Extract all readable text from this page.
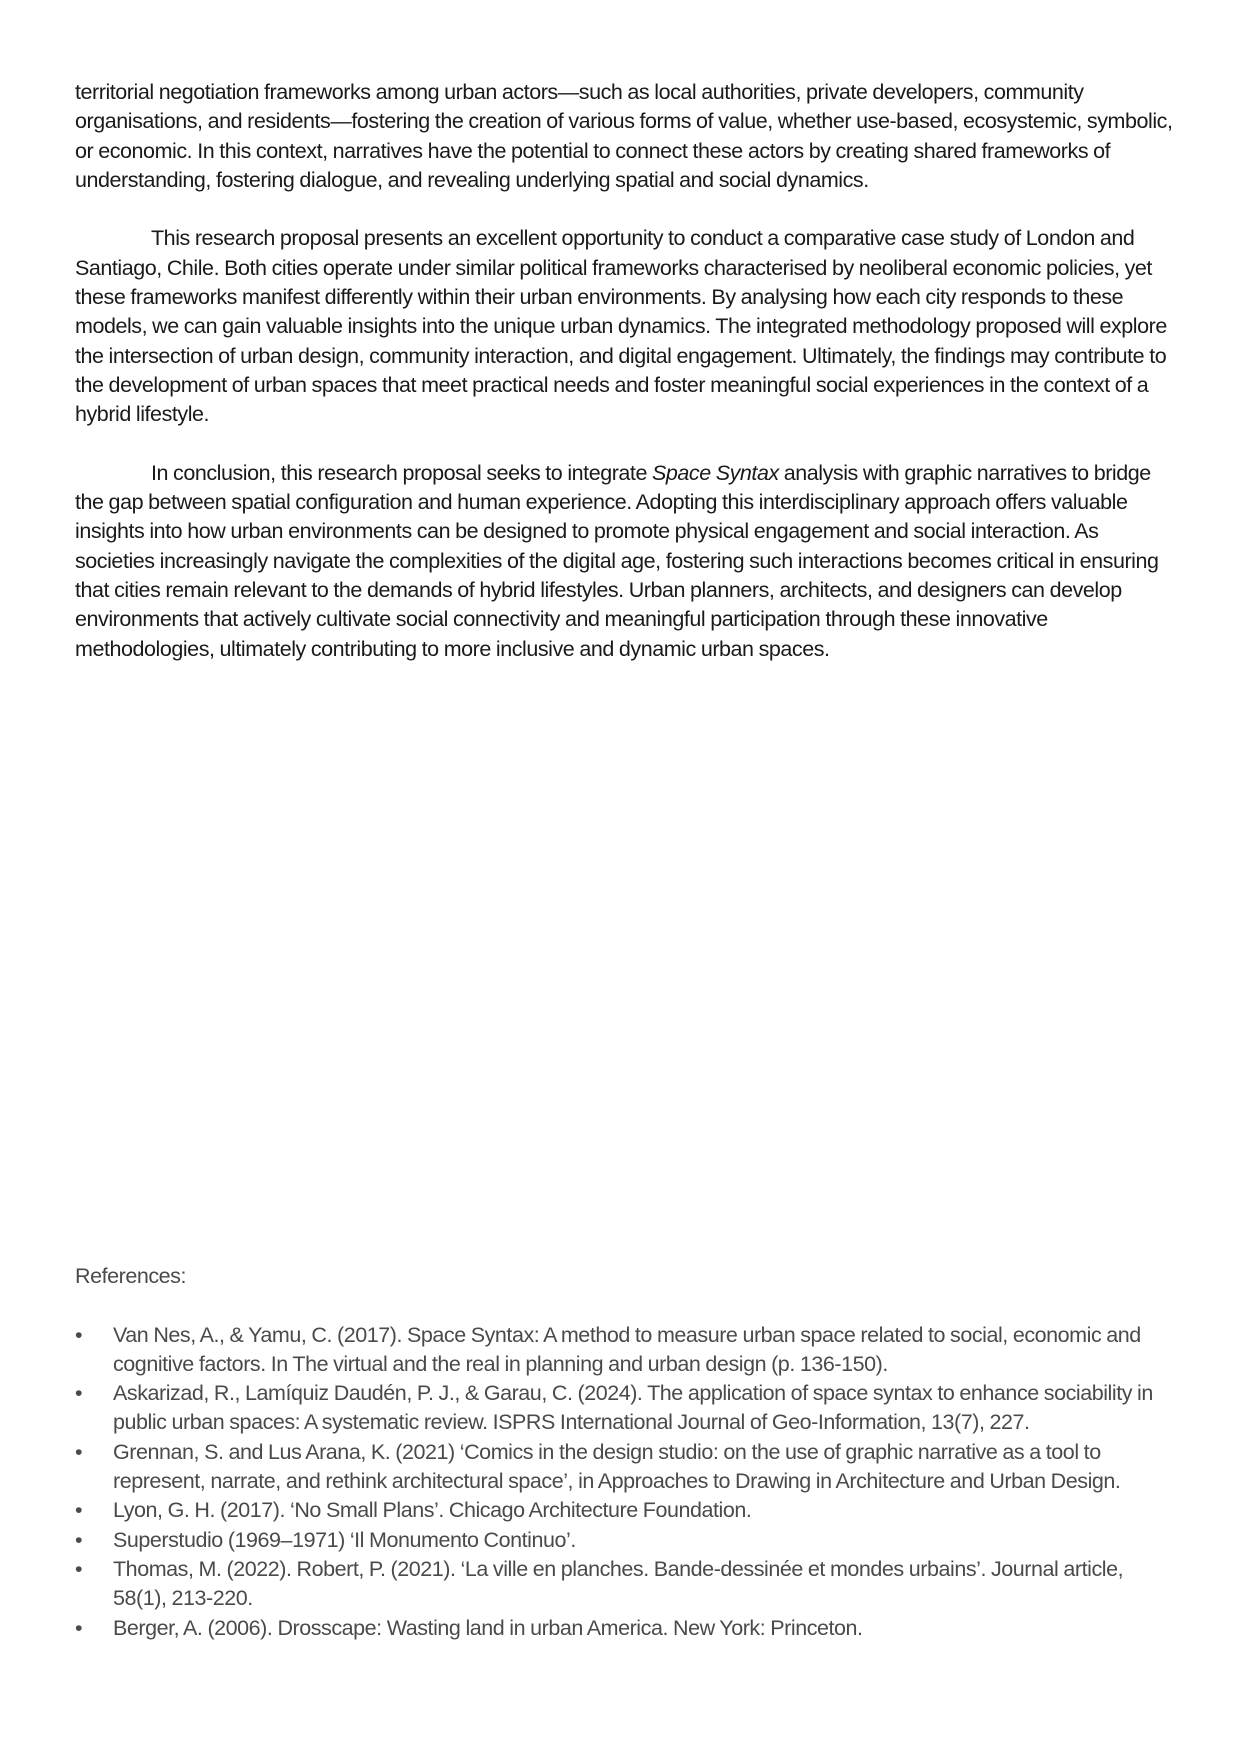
territorial negotiation frameworks among urban actors—such as local authorities, private developers, community organisations, and residents—fostering the creation of various forms of value, whether use-based, ecosystemic, symbolic, or economic. In this context, narratives have the potential to connect these actors by creating shared frameworks of understanding, fostering dialogue, and revealing underlying spatial and social dynamics.

This research proposal presents an excellent opportunity to conduct a comparative case study of London and Santiago, Chile. Both cities operate under similar political frameworks characterised by neoliberal economic policies, yet these frameworks manifest differently within their urban environments. By analysing how each city responds to these models, we can gain valuable insights into the unique urban dynamics. The integrated methodology proposed will explore the intersection of urban design, community interaction, and digital engagement. Ultimately, the findings may contribute to the development of urban spaces that meet practical needs and foster meaningful social experiences in the context of a hybrid lifestyle.

In conclusion, this research proposal seeks to integrate Space Syntax analysis with graphic narratives to bridge the gap between spatial configuration and human experience. Adopting this interdisciplinary approach offers valuable insights into how urban environments can be designed to promote physical engagement and social interaction. As societies increasingly navigate the complexities of the digital age, fostering such interactions becomes critical in ensuring that cities remain relevant to the demands of hybrid lifestyles. Urban planners, architects, and designers can develop environments that actively cultivate social connectivity and meaningful participation through these innovative methodologies, ultimately contributing to more inclusive and dynamic urban spaces.

References:

• Van Nes, A., & Yamu, C. (2017). Space Syntax: A method to measure urban space related to social, economic and cognitive factors. In The virtual and the real in planning and urban design (p. 136-150).
• Askarizad, R., Lamíquiz Daudén, P. J., & Garau, C. (2024). The application of space syntax to enhance sociability in public urban spaces: A systematic review. ISPRS International Journal of Geo-Information, 13(7), 227.
• Grennan, S. and Lus Arana, K. (2021) ‘Comics in the design studio: on the use of graphic narrative as a tool to represent, narrate, and rethink architectural space’, in Approaches to Drawing in Architecture and Urban Design.
• Lyon, G. H. (2017). ‘No Small Plans’. Chicago Architecture Foundation.
• Superstudio (1969–1971) ‘Il Monumento Continuo’.
• Thomas, M. (2022). Robert, P. (2021). ‘La ville en planches. Bande-dessinée et mondes urbains’. Journal article, 58(1), 213-220.
• Berger, A. (2006). Drosscape: Wasting land in urban America. New York: Princeton.
